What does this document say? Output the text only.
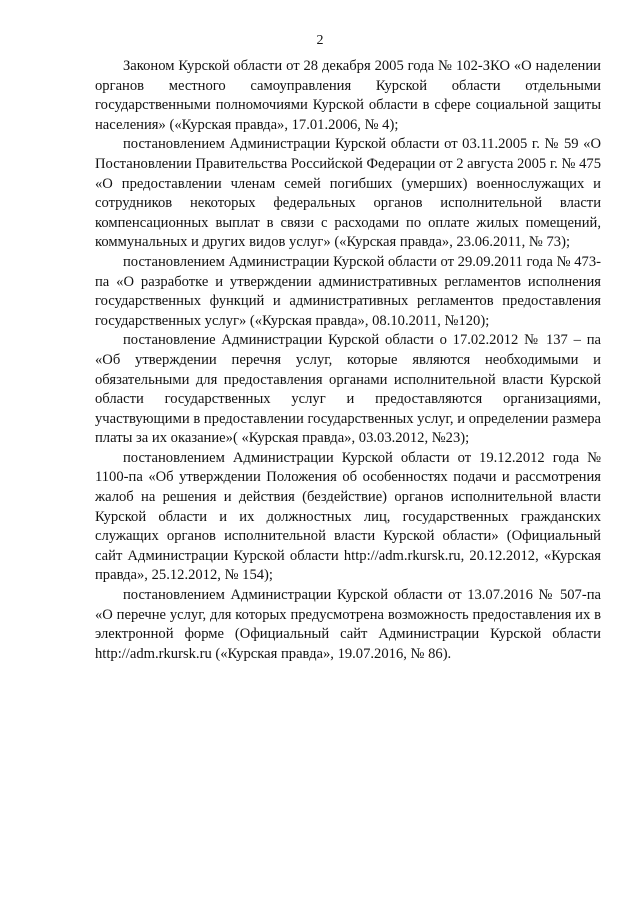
2

Законом Курской области от 28 декабря 2005 года № 102-ЗКО «О наделении органов местного самоуправления Курской области отдельными государственными полномочиями Курской области в сфере социальной защиты населения» («Курская правда», 17.01.2006, № 4);

постановлением Администрации Курской области от 03.11.2005 г. № 59 «О Постановлении Правительства Российской Федерации от 2 августа 2005 г. № 475 «О предоставлении членам семей погибших (умерших) военнослужащих и сотрудников некоторых федеральных органов исполнительной власти компенсационных выплат в связи с расходами по оплате жилых помещений, коммунальных и других видов услуг» («Курская правда», 23.06.2011, № 73);

постановлением Администрации Курской области от 29.09.2011 года № 473-па «О разработке и утверждении административных регламентов исполнения государственных функций и административных регламентов предоставления государственных услуг» («Курская правда», 08.10.2011, №120);

постановление Администрации Курской области о 17.02.2012 № 137 – па «Об утверждении перечня услуг, которые являются необходимыми и обязательными для предоставления органами исполнительной власти Курской области государственных услуг и предоставляются организациями, участвующими в предоставлении государственных услуг, и определении размера платы за их оказание»( «Курская правда», 03.03.2012, №23);

постановлением Администрации Курской области от 19.12.2012 года № 1100-па «Об утверждении Положения об особенностях подачи и рассмотрения жалоб на решения и действия (бездействие) органов исполнительной власти Курской области и их должностных лиц, государственных гражданских служащих органов исполнительной власти Курской области» (Официальный сайт Администрации Курской области http://adm.rkursk.ru, 20.12.2012, «Курская правда», 25.12.2012, № 154);

постановлением Администрации Курской области от 13.07.2016 № 507-па «О перечне услуг, для которых предусмотрена возможность предоставления их в электронной форме (Официальный сайт Администрации Курской области http://adm.rkursk.ru («Курская правда», 19.07.2016, № 86).
